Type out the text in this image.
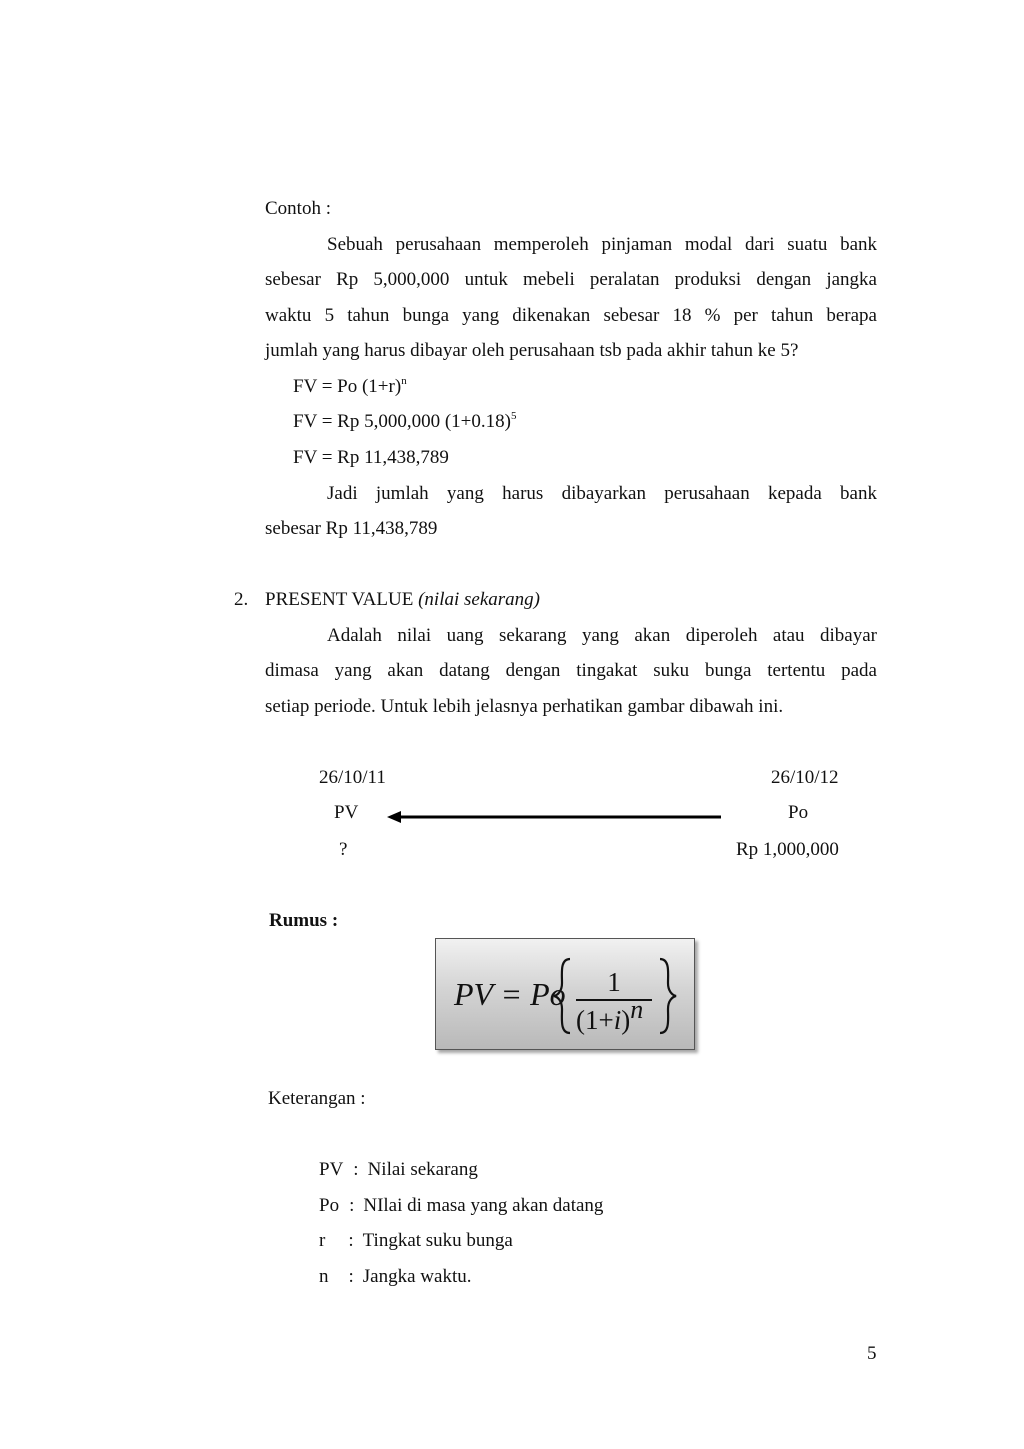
Contoh :
Sebuah perusahaan memperoleh pinjaman modal dari suatu bank
sebesar Rp 5,000,000 untuk mebeli peralatan produksi dengan jangka
waktu 5 tahun bunga yang dikenakan sebesar 18 % per tahun berapa
jumlah yang harus dibayar oleh perusahaan tsb pada akhir tahun ke 5?
FV = Po $(1+r)^n$
FV = Rp 5,000,000 $(1+0.18)^5$
FV = Rp 11,438,789
Jadi jumlah yang harus dibayarkan perusahaan kepada bank
sebesar Rp 11,438,789
2. PRESENT VALUE (nilai sekarang)
Adalah nilai uang sekarang yang akan diperoleh atau dibayar
dimasa yang akan datang dengan tingakat suku bunga tertentu pada
setiap periode. Untuk lebih jelasnya perhatikan gambar dibawah ini.
26/10/11
PV
?
26/10/12
Po
Rp 1,000,000
Rumus :
PV = Po 1
(1+i)n
Keterangan :
PV : Nilai sekarang
Po : NIlai di masa yang akan datang
r : Tingkat suku bunga
n : Jangka waktu.
5
